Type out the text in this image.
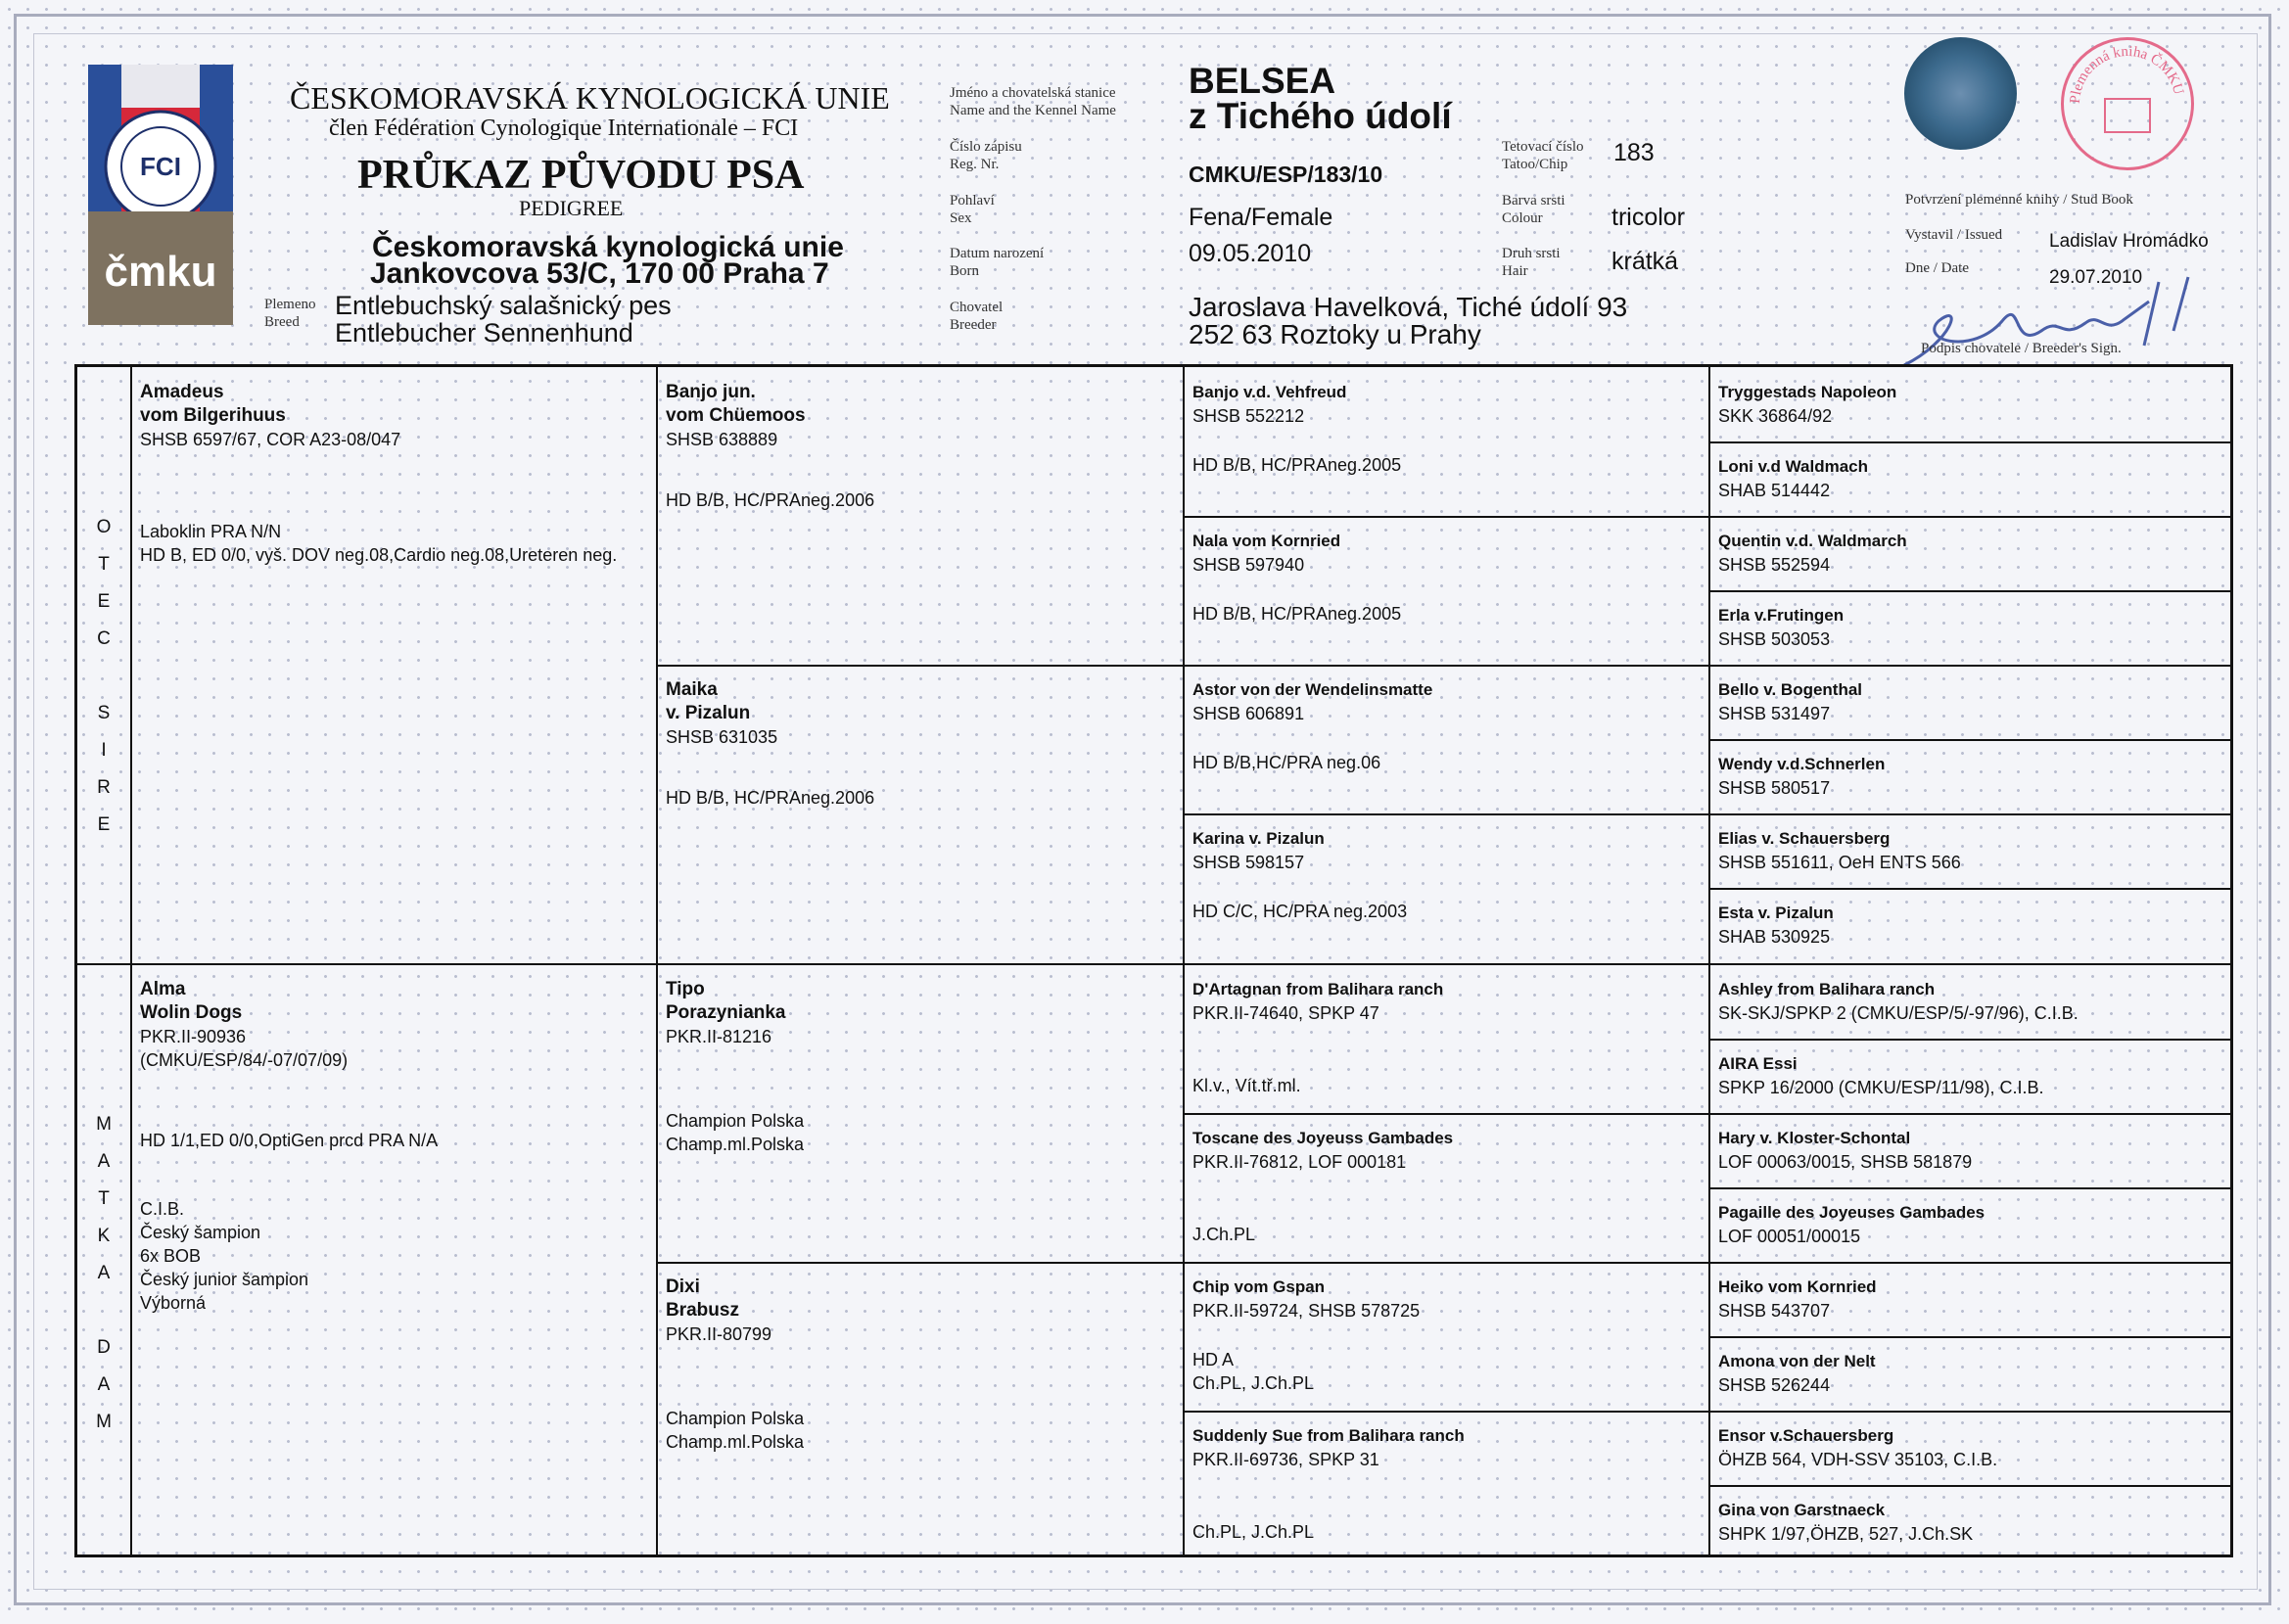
FCI
čmku
ČESKOMORAVSKÁ KYNOLOGICKÁ UNIE
člen Fédération Cynologique Internationale – FCI
PRŮKAZ PŮVODU PSA
PEDIGREE
Českomoravská kynologická unie
Jankovcova 53/C, 170 00 Praha 7
Plemeno
Breed
Entlebuchský salašnický pes
Entlebucher Sennenhund
Jméno a chovatelská stanice
Name and the Kennel Name
Číslo zápisu
Reg. Nr.
Pohlaví
Sex
Datum narození
Born
Chovatel
Breeder
BELSEA
z Tichého údolí
CMKU/ESP/183/10
Fena/Female
09.05.2010
Jaroslava Havelková, Tiché údolí 93
252 63 Roztoky u Prahy
Tetovací číslo
Tatoo/Chip
Barva srsti
Colour
Druh srsti
Hair
183
tricolor
krátká
Plemenná kniha ČMKU
Potvrzení plemenné knihy / Stud Book
Vystavil / Issued	Ladislav Hromádko
Dne / Date	29.07.2010
Podpis chovatele / Breeder's Sign.
O
T
E
C
S
I
R
E
M
A
T
K
A
D
A
M
Amadeus
vom Bilgerihuus
SHSB 6597/67, COR A23-08/047
Laboklin PRA N/N
HD B, ED 0/0, vyš. DOV neg.08,Cardio neg.08,Ureteren neg.
Alma
Wolin Dogs
PKR.II-90936
(CMKU/ESP/84/-07/07/09)
HD 1/1,ED 0/0,OptiGen prcd PRA N/A
C.I.B.
Český šampion
6x BOB
Český junior šampion
Výborná
Banjo jun.
vom Chüemoos
SHSB 638889
HD B/B, HC/PRAneg.2006
Maika
v. Pizalun
SHSB 631035
HD B/B, HC/PRAneg.2006
Tipo
Porazynianka
PKR.II-81216
Champion Polska
Champ.ml.Polska
Dixi
Brabusz
PKR.II-80799
Champion Polska
Champ.ml.Polska
Banjo v.d. Vehfreud
SHSB 552212
HD B/B, HC/PRAneg.2005
Nala vom Kornried
SHSB 597940
HD B/B, HC/PRAneg.2005
Astor von der Wendelinsmatte
SHSB 606891
HD B/B,HC/PRA neg.06
Karina v. Pizalun
SHSB 598157
HD C/C, HC/PRA neg.2003
D'Artagnan from Balihara ranch
PKR.II-74640, SPKP 47
Kl.v., Vít.tř.ml.
Toscane des Joyeuss Gambades
PKR.II-76812, LOF 000181
J.Ch.PL
Chip vom Gspan
PKR.II-59724, SHSB 578725
HD A
Ch.PL, J.Ch.PL
Suddenly Sue from Balihara ranch
PKR.II-69736, SPKP 31
Ch.PL, J.Ch.PL
Tryggestads Napoleon
SKK 36864/92
Loni v.d Waldmach
SHAB 514442
Quentin v.d. Waldmarch
SHSB 552594
Erla v.Frutingen
SHSB 503053
Bello v. Bogenthal
SHSB 531497
Wendy v.d.Schnerlen
SHSB 580517
Elias v. Schauersberg
SHSB 551611, OeH ENTS 566
Esta v. Pizalun
SHAB 530925
Ashley from Balihara ranch
SK-SKJ/SPKP 2 (CMKU/ESP/5/-97/96), C.I.B.
AIRA Essi
SPKP 16/2000 (CMKU/ESP/11/98), C.I.B.
Hary v. Kloster-Schontal
LOF 00063/0015, SHSB 581879
Pagaille des Joyeuses Gambades
LOF 00051/00015
Heiko vom Kornried
SHSB 543707
Amona von der Nelt
SHSB 526244
Ensor v.Schauersberg
ÖHZB 564, VDH-SSV 35103, C.I.B.
Gina von Garstnaeck
SHPK 1/97,ÖHZB, 527, J.Ch.SK
